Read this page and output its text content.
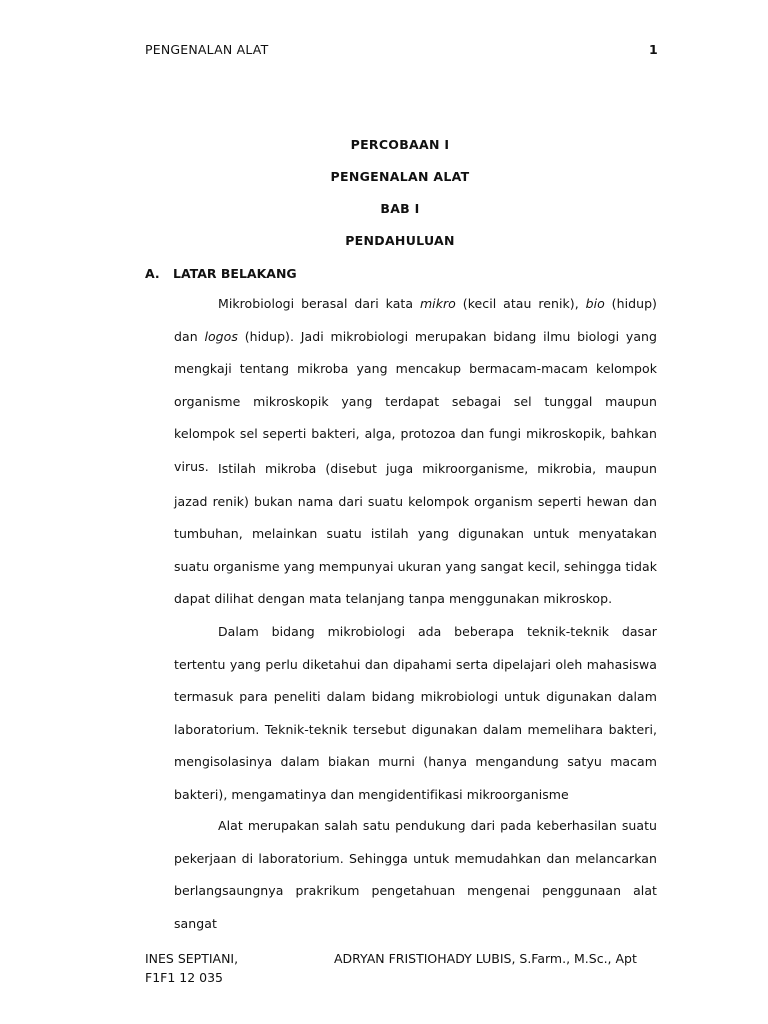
PENGENALAN ALAT	1
PERCOBAAN I
PENGENALAN ALAT
BAB I
PENDAHULUAN
A. LATAR BELAKANG
Mikrobiologi berasal dari kata mikro (kecil atau renik), bio (hidup) dan logos (hidup). Jadi mikrobiologi merupakan bidang ilmu biologi yang mengkaji tentang mikroba yang mencakup bermacam-macam kelompok organisme mikroskopik yang terdapat sebagai sel tunggal maupun kelompok sel seperti bakteri, alga, protozoa dan fungi mikroskopik, bahkan virus. Istilah mikroba (disebut juga mikroorganisme, mikrobia, maupun jazad renik) bukan nama dari suatu kelompok organism seperti hewan dan tumbuhan, melainkan suatu istilah yang digunakan untuk menyatakan suatu organisme yang mempunyai ukuran yang sangat kecil, sehingga tidak dapat dilihat dengan mata telanjang tanpa menggunakan mikroskop.
Dalam bidang mikrobiologi ada beberapa teknik-teknik dasar tertentu yang perlu diketahui dan dipahami serta dipelajari oleh mahasiswa termasuk para peneliti dalam bidang mikrobiologi untuk digunakan dalam laboratorium. Teknik-teknik tersebut digunakan dalam memelihara bakteri, mengisolasinya dalam biakan murni (hanya mengandung satyu macam bakteri), mengamatinya dan mengidentifikasi mikroorganisme
Alat merupakan salah satu pendukung dari pada keberhasilan suatu pekerjaan di laboratorium. Sehingga untuk memudahkan dan melancarkan berlangsaungnya prakrikum pengetahuan mengenai penggunaan alat sangat
INES SEPTIANI,
F1F1 12 035
ADRYAN FRISTIOHADY LUBIS, S.Farm., M.Sc., Apt
